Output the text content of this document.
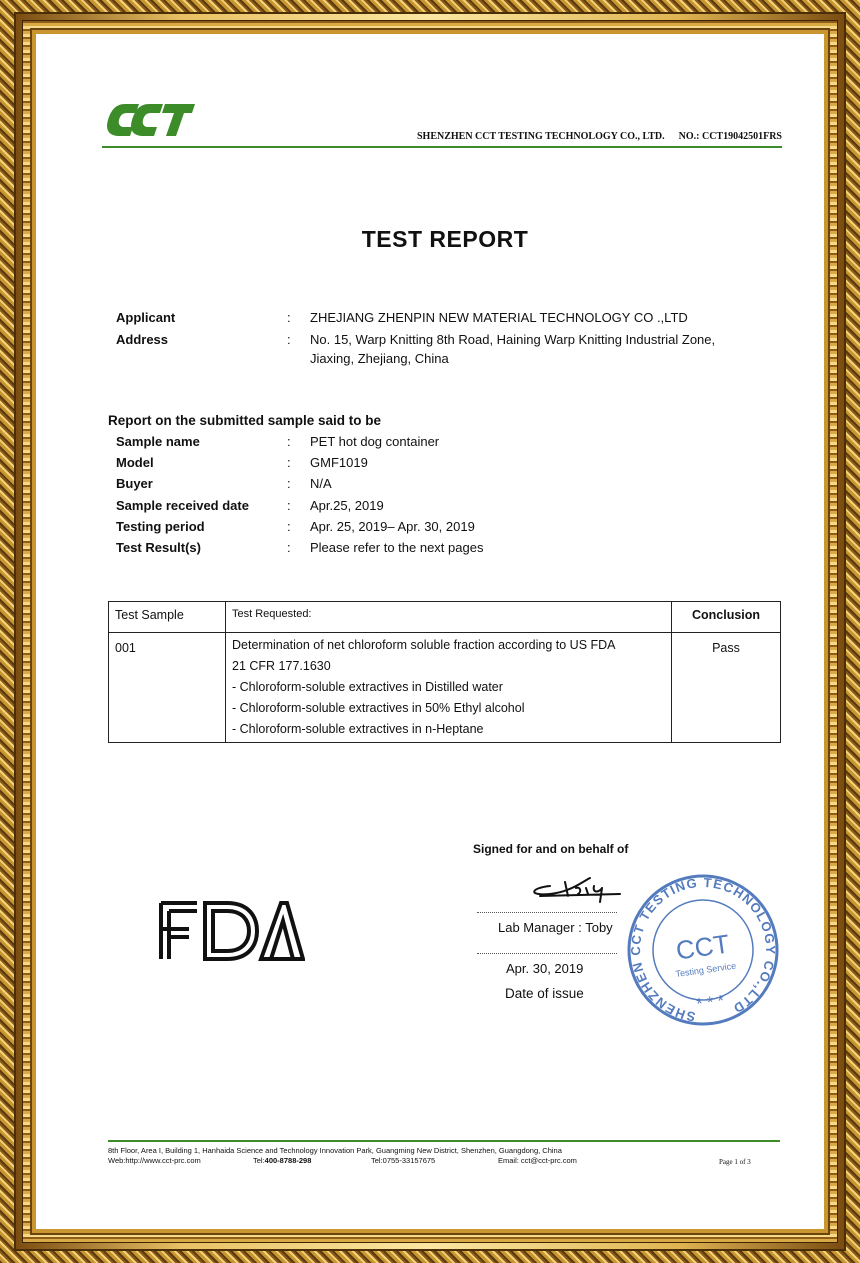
SHENZHEN CCT TESTING TECHNOLOGY CO., LTD. NO.: CCT19042501FRS
TEST REPORT
Applicant	: ZHEJIANG ZHENPIN NEW MATERIAL TECHNOLOGY CO .,LTD
Address	: No. 15, Warp Knitting 8th Road, Haining Warp Knitting Industrial Zone,
Jiaxing, Zhejiang, China
Report on the submitted sample said to be
Sample name	: PET hot dog container
Model	: GMF1019
Buyer	: N/A
Sample received date	: Apr.25, 2019
Testing period	: Apr. 25, 2019– Apr. 30, 2019
Test Result(s)	: Please refer to the next pages
Test Sample	Test Requested:	Conclusion

001	Determination of net chloroform soluble fraction according to US FDA
21 CFR 177.1630
- Chloroform-soluble extractives in Distilled water
- Chloroform-soluble extractives in 50% Ethyl alcohol
- Chloroform-soluble extractives in n-Heptane	Pass
Signed for and on behalf of
Lab Manager : Toby
Apr. 30, 2019
Date of issue
SHENZHEN CCT TESTING TECHNOLOGY CO.,LTD
CCT
Testing Service
* * *
8th Floor, Area I, Building 1, Hanhaida Science and Technology Innovation Park, Guangming New District, Shenzhen, Guangdong, China
Web:http://www.cct-prc.com	Tel:400-8788-298	Tel:0755-33157675	Email: cct@cct-prc.com	Page 1 of 3
